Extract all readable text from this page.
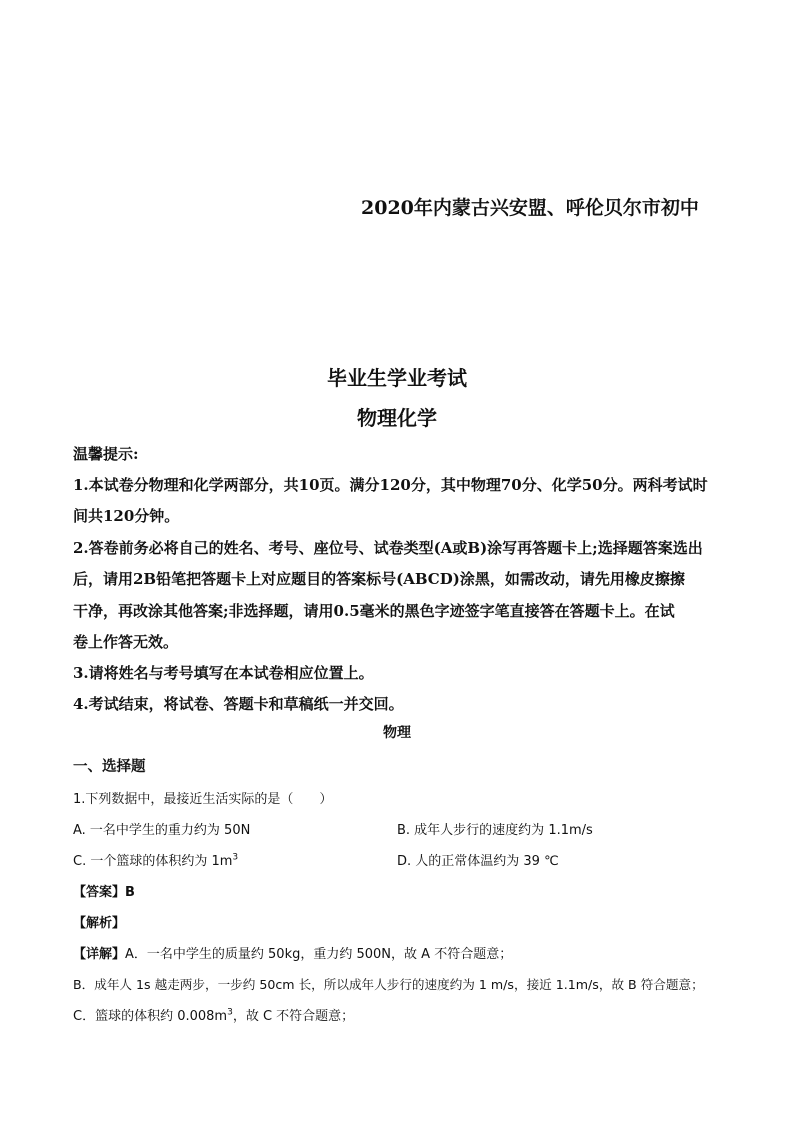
2020年内蒙古兴安盟、呼伦贝尔市初中
毕业生学业考试
物理化学
温馨提示:
1.本试卷分物理和化学两部分，共10页。满分120分，其中物理70分、化学50分。两科考试时
间共120分钟。
2.答卷前务必将自己的姓名、考号、座位号、试卷类型(A或B)涂写再答题卡上;选择题答案选出
后，请用2B铅笔把答题卡上对应题目的答案标号(ABCD)涂黑，如需改动，请先用橡皮擦擦
干净，再改涂其他答案;非选择题，请用0.5毫米的黑色字迹签字笔直接答在答题卡上。在试
卷上作答无效。
3.请将姓名与考号填写在本试卷相应位置上。
4.考试结束，将试卷、答题卡和草稿纸一并交回。
物理
一、选择题
1.下列数据中，最接近生活实际的是（　　）
A. 一名中学生的重力约为 50N	B. 成年人步行的速度约为 1.1m/s
C. 一个篮球的体积约为 $1m^3$	D. 人的正常体温约为 39 ℃
【答案】B
【解析】
【详解】A．一名中学生的质量约 50kg，重力约 500N，故 A 不符合题意；
B．成年人 1s 越走两步，一步约 50cm 长，所以成年人步行的速度约为 1 m/s，接近 1.1m/s，故 B 符合题意；
C．篮球的体积约 $0.008m^3$，故 C 不符合题意；
